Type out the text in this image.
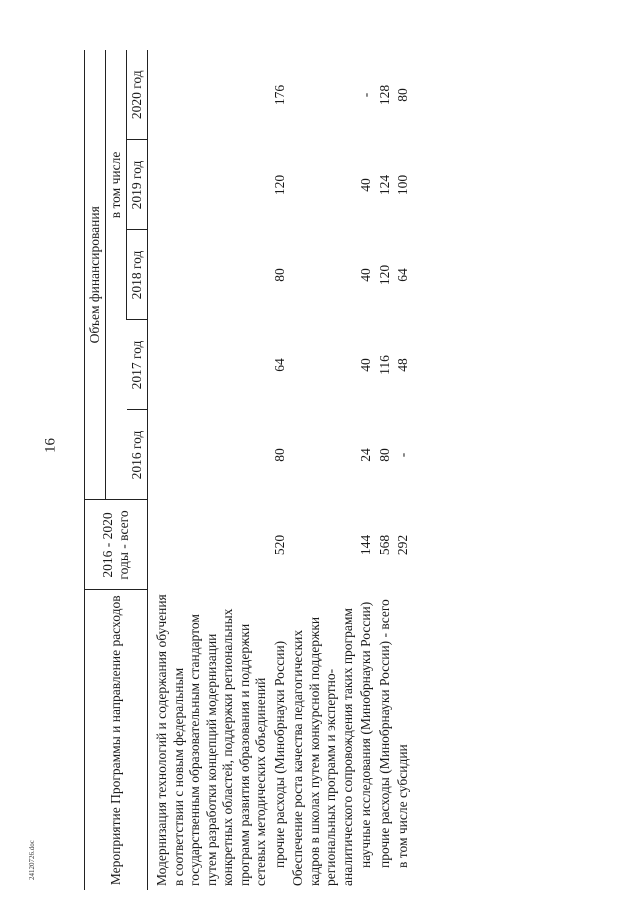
16
24120726.doc	Мероприятие Программы и направление расходов	2016 - 2020 годы - всего	Объем финансирования				
				в том числе		
		2016 год	2017 год	2018 год	2019 год	2020 год
Модернизация технологий и содержания обучения в соответствии с новым федеральным государственным образовательным стандартом путем разработки концепций модернизации конкретных областей, поддержки региональных программ развития образования и поддержки сетевых методических объединений						
прочие расходы (Минобрнауки России)	520	80	64	80	120	176
Обеспечение роста качества педагогических кадров в школах путем конкурсной поддержки региональных программ и экспертно-аналитического сопровождения таких программ						
научные исследования (Минобрнауки России)	144	24	40	40	40	-
прочие расходы (Минобрнауки России) - всего	568	80	116	120	124	128
в том числе субсидии	292	-	48	64	100	80
